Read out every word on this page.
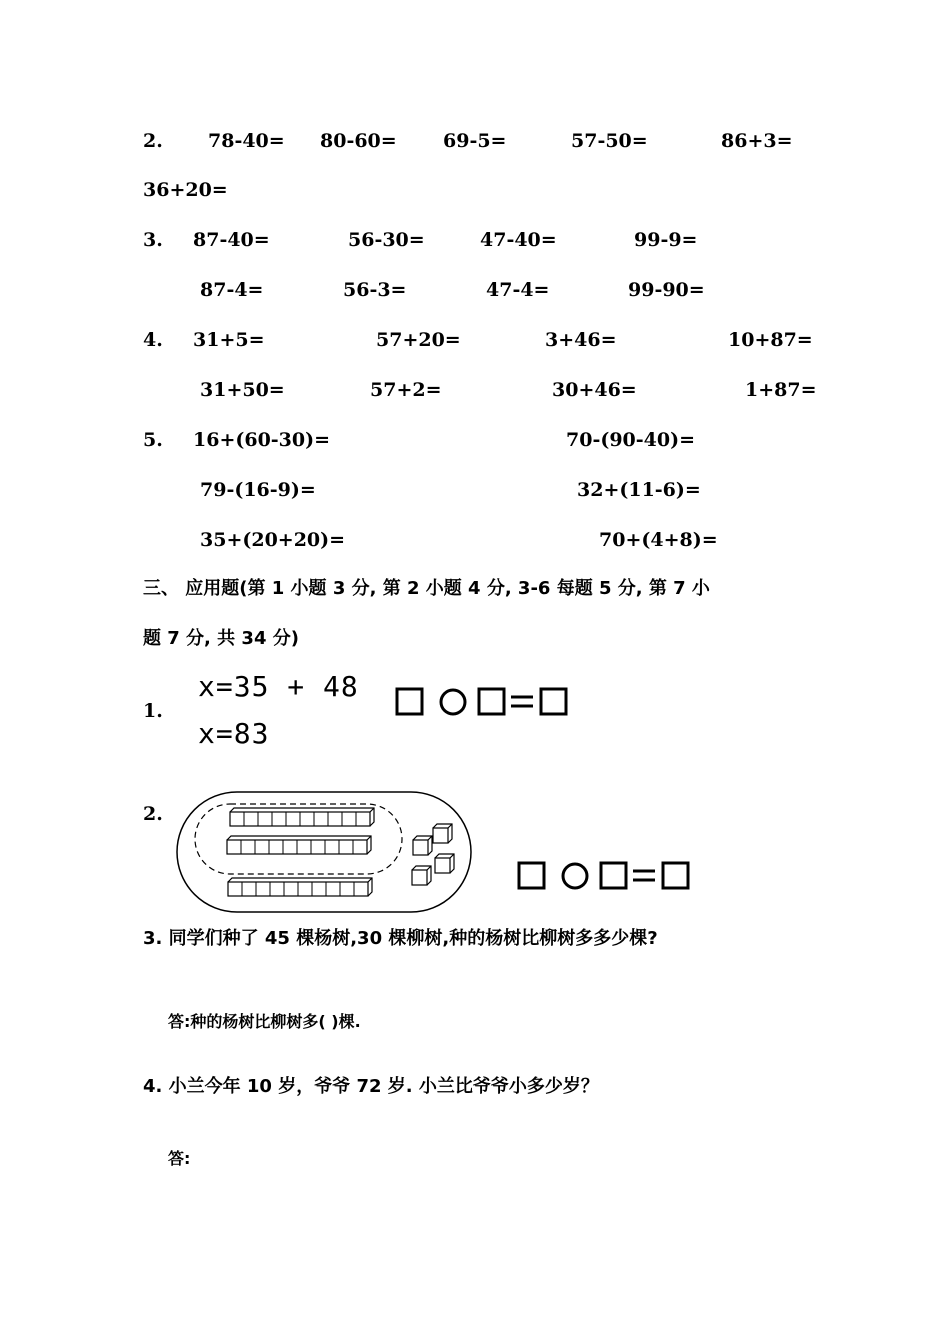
2. 78-40= 80-60= 69-5=	57-50=	86+3=
36+20=
3. 87-40=	56-30=	47-40=	99-9=
87-4=	56-3=	47-4=	99-90=
4. 31+5=	57+20=	3+46=	10+87=
31+50=	57+2=	30+46=	1+87=
5. 16+(60-30)=	70-(90-40)=
79-(16-9)=	32+(11-6)=
35+(20+20)=	70+(4+8)=
三、 应用题(第 1 小题 3 分, 第 2 小题 4 分, 3-6 每题 5 分, 第 7 小
题 7 分, 共 34 分)
1.
x=35 + 48
x=83
2.
3. 同学们种了 45 棵杨树,30 棵柳树,种的杨树比柳树多多少棵?
答:种的杨树比柳树多( )棵.
4. 小兰今年 10 岁，爷爷 72 岁. 小兰比爷爷小多少岁？
答:
